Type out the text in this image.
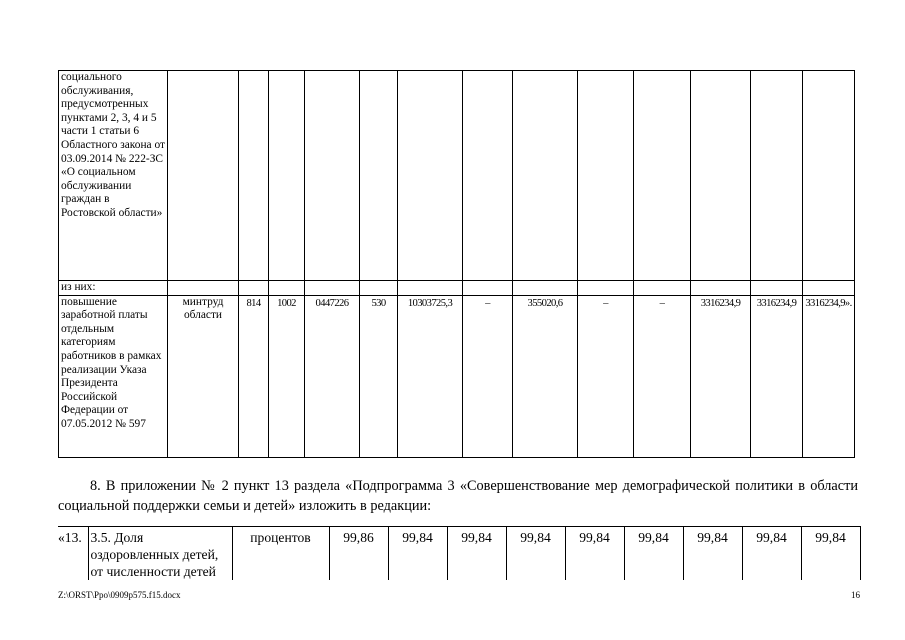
социального обслуживания, предусмотренных пунктами 2, 3, 4 и 5 части 1 статьи 6 Областного закона от 03.09.2014 № 222-ЗС «О социальном обслуживании граждан в Ростовской области»													
из них:													
повышение заработной платы отдельным категориям работников в рамках реализации Указа Президента Российской Федерации от 07.05.2012 № 597	минтруд области	814	1002	0447226	530	10303725,3	–	355020,6	–	–	3316234,9	3316234,9	3316234,9».
8. В приложении № 2 пункт 13 раздела «Подпрограмма 3 «Совершенствование мер демографической политики в области социальной поддержки семьи и детей» изложить в редакции:
«13.	3.5. Доля оздоровленных детей, от численности детей	процентов	99,86	99,84	99,84	99,84	99,84	99,84	99,84	99,84	99,84
Z:\ORST\Ppo\0909p575.f15.docx	16
